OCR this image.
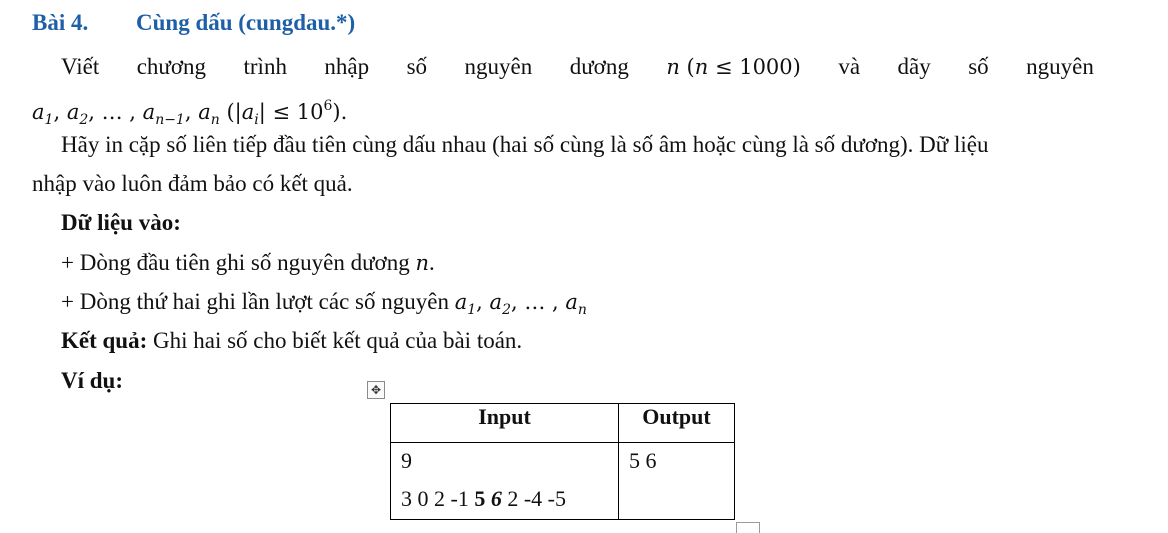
Bài 4. Cùng dấu (cungdau.*)
Viết chương trình nhập số nguyên dương n (n ≤ 1000) và dãy số nguyên
$a_1$, $a_2$, … , $a_{n-1}$, $a_n$ $(|a_i| \le 10^6)$.
Hãy in cặp số liên tiếp đầu tiên cùng dấu nhau (hai số cùng là số âm hoặc cùng là số dương). Dữ liệu
nhập vào luôn đảm bảo có kết quả.
Dữ liệu vào:
+ Dòng đầu tiên ghi số nguyên dương n.
+ Dòng thứ hai ghi lần lượt các số nguyên $a_1$, $a_2$, … , $a_n$
Kết quả: Ghi hai số cho biết kết quả của bài toán.
Ví dụ:	✥
Input	Output

9
3 0 2 -1 5 6 2 -4 -5	5 6
